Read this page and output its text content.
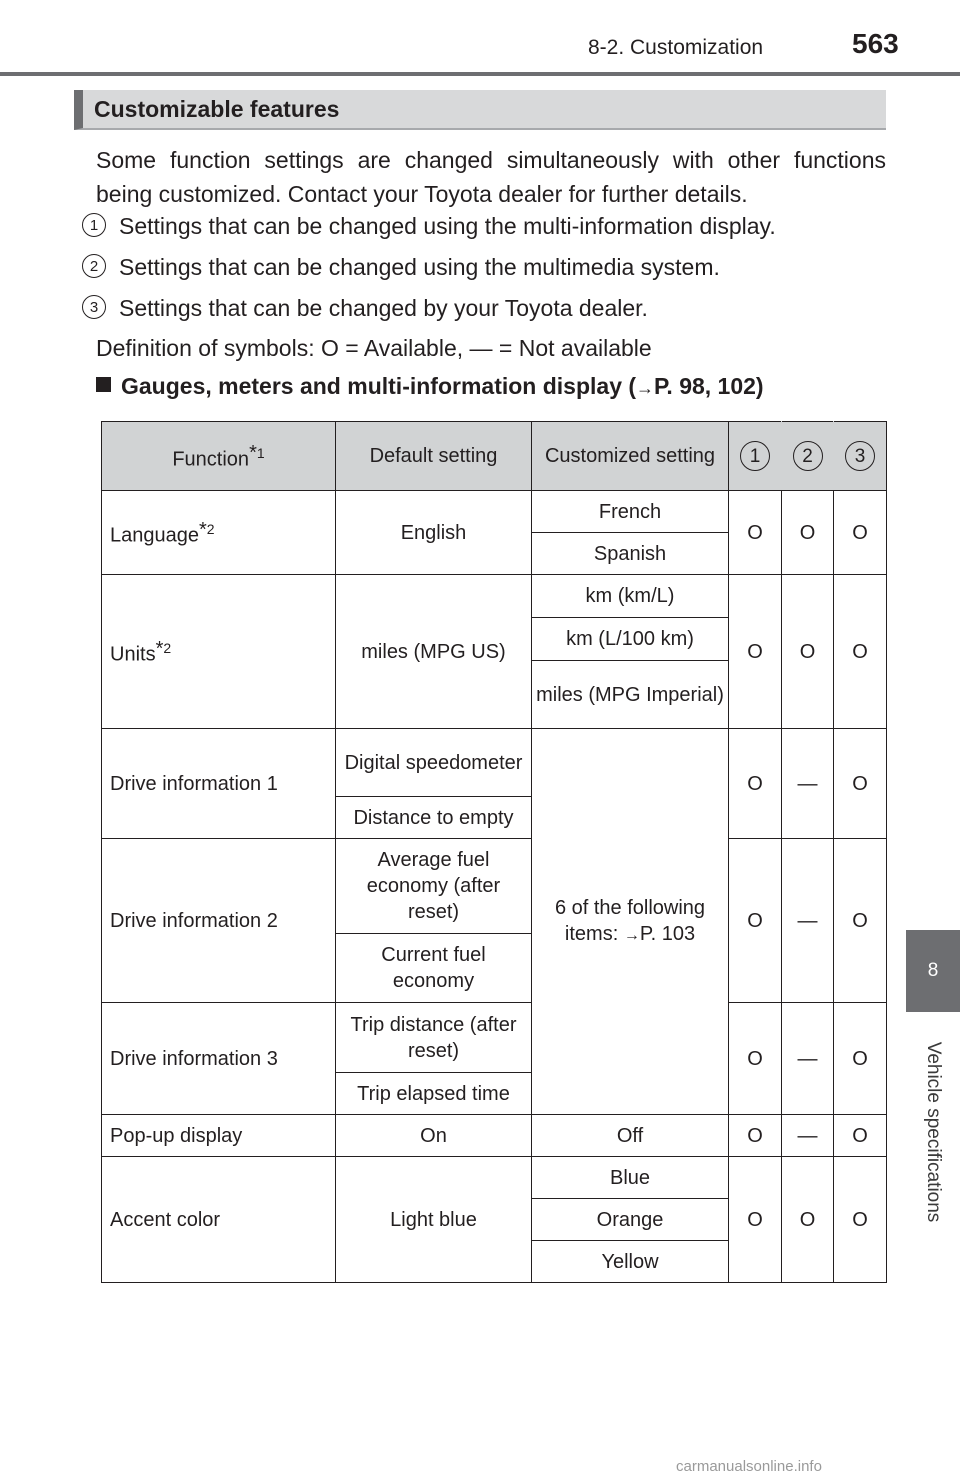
8-2. Customization	563
8
Vehicle specifications
Customizable features
Some function settings are changed simultaneously with other functions being customized. Contact your Toyota dealer for further details.
1 Settings that can be changed using the multi-information display.
2 Settings that can be changed using the multimedia system.
3 Settings that can be changed by your Toyota dealer.
Definition of symbols: O = Available, — = Not available
Gauges, meters and multi-information display (→P. 98, 102)
Function*$^1$	Default setting	Customized setting	1	2	3
Language*$^2$	English	French	O	O	O
		Spanish			
Units*$^2$	miles (MPG US)	km (km/L)	O	O	O
		km (L/100 km)			
		miles (MPG Imperial)			
Drive information 1	Digital speedometer	6 of the following items: →P. 103	O	—	O
	Distance to empty				
Drive information 2	Average fuel economy (after reset)		O	—	O
	Current fuel economy				
Drive information 3	Trip distance (after reset)		O	—	O
	Trip elapsed time				
Pop-up display	On	Off	O	—	O
Accent color	Light blue	Blue	O	O	O
		Orange			
		Yellow			
carmanualsonline.info
